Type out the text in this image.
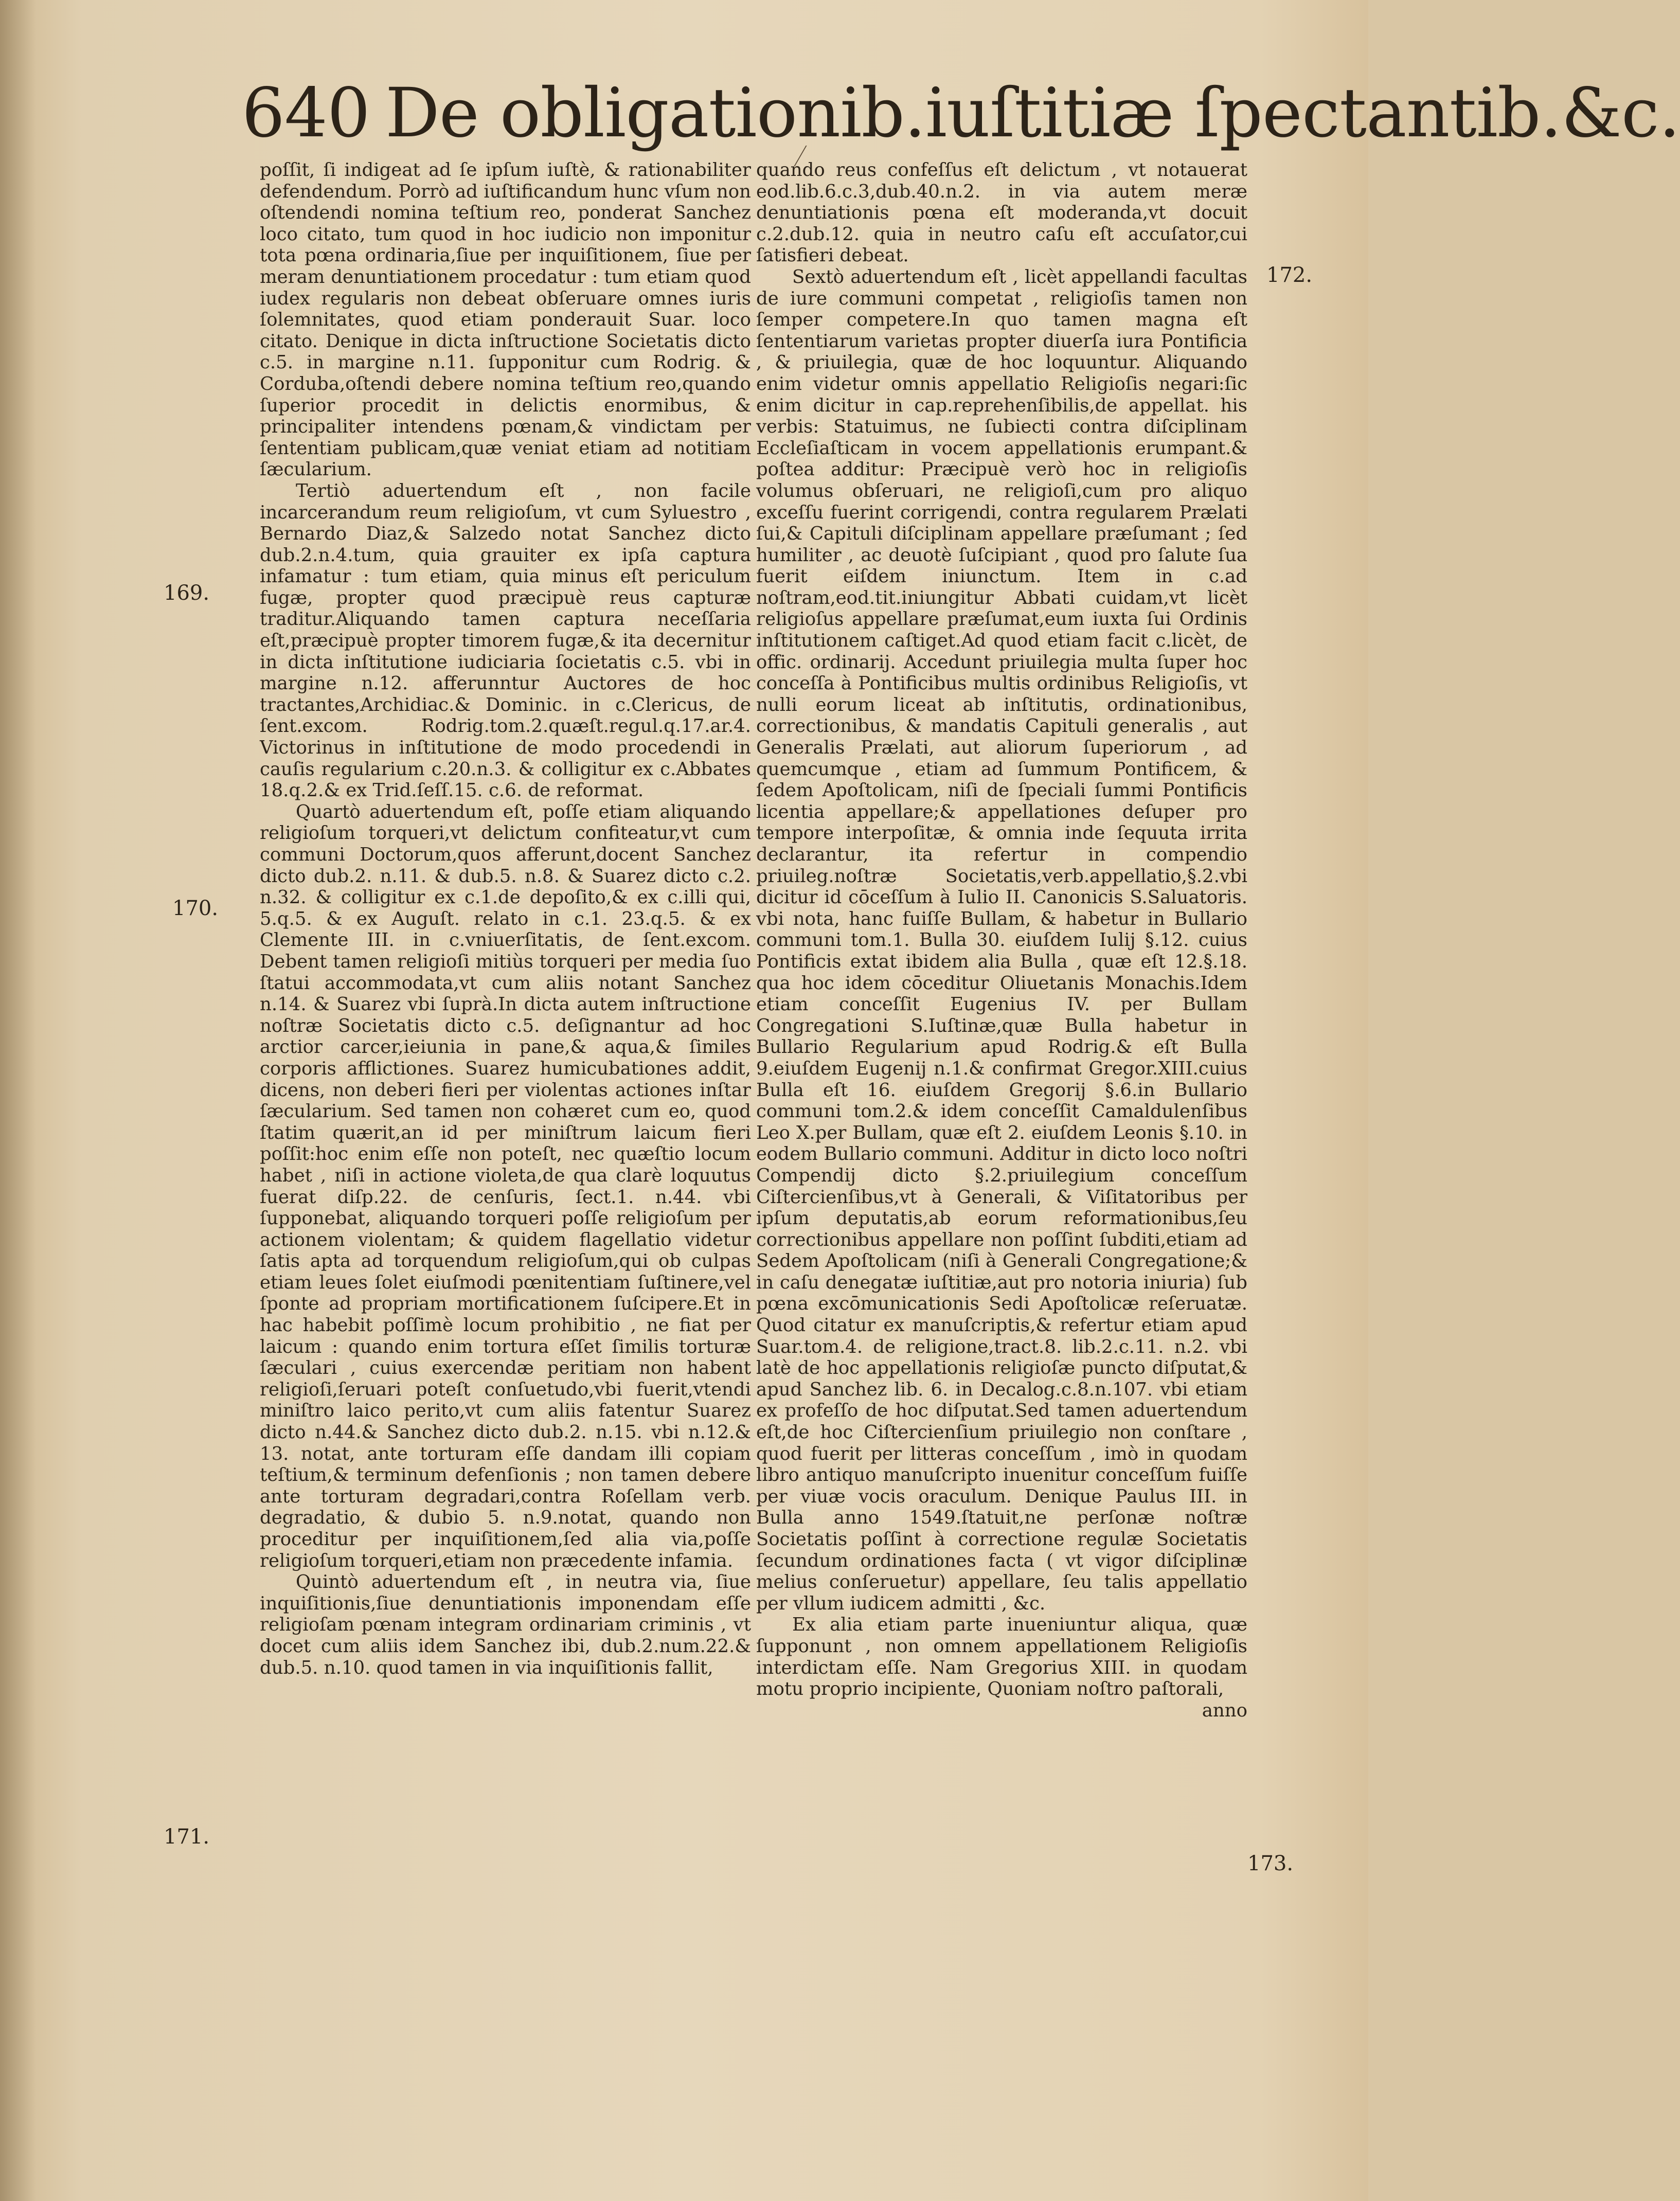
640 De obligationib.iuſtitiæ ſpectantib.&c.

poſſit, ſi indigeat ad ſe ipſum iuſtè, & rationabiliter defendendum. Porrò ad iuſtificandum hunc vſum non oſtendendi nomina teſtium reo, ponderat Sanchez loco citato, tum quod in hoc iudicio non imponitur tota pœna ordinaria,ſiue per inquiſitionem, ſiue per meram denuntiationem procedatur : tum etiam quod iudex regularis non debeat obſeruare omnes iuris ſolemnitates, quod etiam ponderauit Suar. loco citato. Denique in dicta inſtructione Societatis dicto c.5. in margine n.11. ſupponitur cum Rodrig. & Corduba,oſtendi debere nomina teſtium reo,quando ſuperior procedit in delictis enormibus, & principaliter intendens pœnam,& vindictam per ſententiam publicam,quæ veniat etiam ad notitiam ſæcularium.

Tertiò aduertendum eſt , non facile incarcerandum reum religioſum, vt cum Syluestro , Bernardo Diaz,& Salzedo notat Sanchez dicto dub.2.n.4.tum, quia grauiter ex ipſa captura infamatur : tum etiam, quia minus eſt periculum fugæ, propter quod præcipuè reus capturæ traditur.Aliquando tamen captura neceſſaria eſt,præcipuè propter timorem fugæ,& ita decernitur in dicta inſtitutione iudiciaria ſocietatis c.5. vbi in margine n.12. afferunntur Auctores de hoc tractantes,Archidiac.& Dominic. in c.Clericus, de ſent.excom. Rodrig.tom.2.quæſt.regul.q.17.ar.4. Victorinus in inſtitutione de modo procedendi in cauſis regularium c.20.n.3. & colligitur ex c.Abbates 18.q.2.& ex Trid.ſeſſ.15. c.6. de reformat.

Quartò aduertendum eſt, poſſe etiam aliquando religioſum torqueri,vt delictum confiteatur,vt cum communi Doctorum,quos afferunt,docent Sanchez dicto dub.2. n.11. & dub.5. n.8. & Suarez dicto c.2. n.32. & colligitur ex c.1.de depoſito,& ex c.illi qui, 5.q.5. & ex Auguſt. relato in c.1. 23.q.5. & ex Clemente III. in c.vniuerſitatis, de ſent.excom. Debent tamen religioſi mitiùs torqueri per media ſuo ſtatui accommodata,vt cum aliis notant Sanchez n.14. & Suarez vbi ſuprà.In dicta autem inſtructione noſtræ Societatis dicto c.5. deſignantur ad hoc arctior carcer,ieiunia in pane,& aqua,& ſimiles corporis afflictiones. Suarez humicubationes addit, dicens, non deberi fieri per violentas actiones inſtar ſæcularium. Sed tamen non cohæret cum eo, quod ſtatim quærit,an id per miniſtrum laicum fieri poſſit:hoc enim eſſe non poteſt, nec quæſtio locum habet , niſi in actione violeta,de qua clarè loquutus fuerat diſp.22. de cenſuris, ſect.1. n.44. vbi ſupponebat, aliquando torqueri poſſe religioſum per actionem violentam; & quidem flagellatio videtur ſatis apta ad torquendum religioſum,qui ob culpas etiam leues ſolet eiuſmodi pœnitentiam ſuſtinere,vel ſponte ad propriam mortificationem ſuſcipere.Et in hac habebit poſſimè locum prohibitio , ne fiat per laicum : quando enim tortura eſſet ſimilis torturæ ſæculari , cuius exercendæ peritiam non habent religioſi,ſeruari poteſt conſuetudo,vbi fuerit,vtendi miniſtro laico perito,vt cum aliis fatentur Suarez dicto n.44.& Sanchez dicto dub.2. n.15. vbi n.12.& 13. notat, ante torturam eſſe dandam illi copiam teſtium,& terminum defenſionis ; non tamen debere ante torturam degradari,contra Roſellam verb. degradatio, & dubio 5. n.9.notat, quando non proceditur per inquiſitionem,ſed alia via,poſſe religioſum torqueri,etiam non præcedente infamia.

Quintò aduertendum eſt , in neutra via, ſiue inquiſitionis,ſiue denuntiationis imponendam eſſe religioſam pœnam integram ordinariam criminis , vt docet cum aliis idem Sanchez ibi, dub.2.num.22.& dub.5. n.10. quod tamen in via inquiſitionis fallit,

quando reus confeſſus eſt delictum , vt notauerat eod.lib.6.c.3,dub.40.n.2. in via autem meræ denuntiationis pœna eſt moderanda,vt docuit c.2.dub.12. quia in neutro caſu eſt accuſator,cui ſatisfieri debeat.

Sextò aduertendum eſt , licèt appellandi facultas de iure communi competat , religioſis tamen non ſemper competere.In quo tamen magna eſt ſententiarum varietas propter diuerſa iura Pontificia , & priuilegia, quæ de hoc loquuntur. Aliquando enim videtur omnis appellatio Religioſis negari:ſic enim dicitur in cap.reprehenſibilis,de appellat. his verbis: Statuimus, ne ſubiecti contra diſciplinam Eccleſiaſticam in vocem appellationis erumpant.& poſtea additur: Præcipuè verò hoc in religioſis volumus obſeruari, ne religioſi,cum pro aliquo exceſſu fuerint corrigendi, contra regularem Prælati ſui,& Capituli diſciplinam appellare præſumant ; ſed humiliter , ac deuotè ſuſcipiant , quod pro ſalute ſua fuerit eiſdem iniunctum. Item in c.ad noſtram,eod.tit.iniungitur Abbati cuidam,vt licèt religioſus appellare præſumat,eum iuxta ſui Ordinis inſtitutionem caſtiget.Ad quod etiam facit c.licèt, de offic. ordinarij. Accedunt priuilegia multa ſuper hoc conceſſa à Pontificibus multis ordinibus Religioſis, vt nulli eorum liceat ab inſtitutis, ordinationibus, correctionibus, & mandatis Capituli generalis , aut Generalis Prælati, aut aliorum ſuperiorum , ad quemcumque , etiam ad ſummum Pontificem, & ſedem Apoſtolicam, niſi de ſpeciali ſummi Pontificis licentia appellare;& appellationes deſuper pro tempore interpoſitæ, & omnia inde ſequuta irrita declarantur, ita refertur in compendio priuileg.noſtræ Societatis,verb.appellatio,§.2.vbi dicitur id cōceſſum à Iulio II. Canonicis S.Saluatoris. vbi nota, hanc fuiſſe Bullam, & habetur in Bullario communi tom.1. Bulla 30. eiuſdem Iulij §.12. cuius Pontificis extat ibidem alia Bulla , quæ eſt 12.§.18. qua hoc idem cōceditur Oliuetanis Monachis.Idem etiam conceſſit Eugenius IV. per Bullam Congregationi S.Iuſtinæ,quæ Bulla habetur in Bullario Regularium apud Rodrig.& eſt Bulla 9.eiuſdem Eugenij n.1.& confirmat Gregor.XIII.cuius Bulla eſt 16. eiuſdem Gregorij §.6.in Bullario communi tom.2.& idem conceſſit Camaldulenſibus Leo X.per Bullam, quæ eſt 2. eiuſdem Leonis §.10. in eodem Bullario communi. Additur in dicto loco noſtri Compendij dicto §.2.priuilegium conceſſum Ciſtercienſibus,vt à Generali, & Viſitatoribus per ipſum deputatis,ab eorum reformationibus,ſeu correctionibus appellare non poſſint ſubditi,etiam ad Sedem Apoſtolicam (niſi à Generali Congregatione;& in caſu denegatæ iuſtitiæ,aut pro notoria iniuria) ſub pœna excōmunicationis Sedi Apoſtolicæ reſeruatæ. Quod citatur ex manuſcriptis,& refertur etiam apud Suar.tom.4. de religione,tract.8. lib.2.c.11. n.2. vbi latè de hoc appellationis religioſæ puncto diſputat,& apud Sanchez lib. 6. in Decalog.c.8.n.107. vbi etiam ex profeſſo de hoc diſputat.Sed tamen aduertendum eſt,de hoc Ciſtercienſium priuilegio non conſtare , quod fuerit per litteras conceſſum , imò in quodam libro antiquo manuſcripto inuenitur conceſſum fuiſſe per viuæ vocis oraculum. Denique Paulus III. in Bulla anno 1549.ſtatuit,ne perſonæ noſtræ Societatis poſſint à correctione regulæ Societatis ſecundum ordinationes facta ( vt vigor diſciplinæ melius conſeruetur) appellare, ſeu talis appellatio per vllum iudicem admitti , &c.

Ex alia etiam parte inueniuntur aliqua, quæ ſupponunt , non omnem appellationem Religioſis interdictam eſſe. Nam Gregorius XIII. in quodam motu proprio incipiente, Quoniam noſtro paſtorali,

anno

169.
170.
171.
172.
173.
